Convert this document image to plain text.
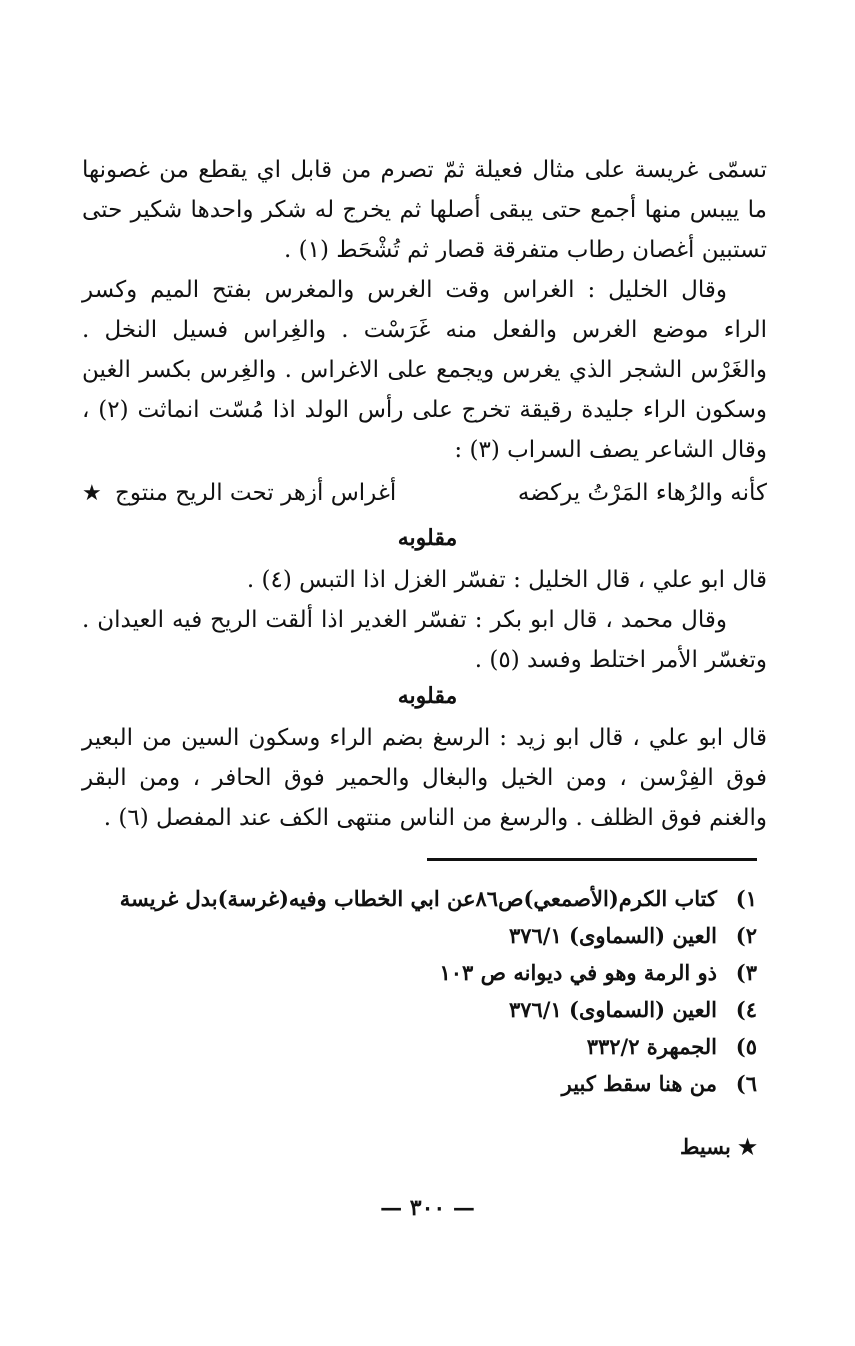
تسمّى غريسة على مثال فعيلة ثمّ تصرم من قابل اي يقطع من غصونها ما ييبس منها أجمع حتى يبقى أصلها ثم يخرج له شكر واحدها شكير حتى تستبين أغصان رطاب متفرقة قصار ثم تُشْحَط (١) .

وقال الخليل : الغراس وقت الغرس والمغرس بفتح الميم وكسر الراء موضع الغرس والفعل منه غَرَسْت . والغِراس فسيل النخل . والغَرْس الشجر الذي يغرس ويجمع على الاغراس . والغِرس بكسر الغين وسكون الراء جليدة رقيقة تخرج على رأس الولد اذا مُسّت انماثت (٢) ، وقال الشاعر يصف السراب (٣) :

كأنه والرُهاء المَرْتُ يركضه
أغراس أزهر تحت الريح منتوج ★
مقلوبه

قال ابو علي ، قال الخليل : تفسّر الغزل اذا التبس (٤) .

وقال محمد ، قال ابو بكر : تفسّر الغدير اذا ألقت الريح فيه العيدان . وتغسّر الأمر اختلط وفسد (٥) .

مقلوبه

قال ابو علي ، قال ابو زيد : الرسغ بضم الراء وسكون السين من البعير فوق الفِرْسن ، ومن الخيل والبغال والحمير فوق الحافر ، ومن البقر والغنم فوق الظلف . والرسغ من الناس منتهى الكف عند المفصل (٦) .

١)
كتاب الكرم(الأصمعي)ص٨٦عن ابي الخطاب وفيه(غرسة)بدل غريسة
٢)
العين (السماوى) ٣٧٦/١
٣)
ذو الرمة وهو في ديوانه ص ١٠٣
٤)
العين (السماوى) ٣٧٦/١
٥)
الجمهرة ٣٣٢/٢
٦)
من هنا سقط كبير
★ بسيط
— ٣٠٠ —
